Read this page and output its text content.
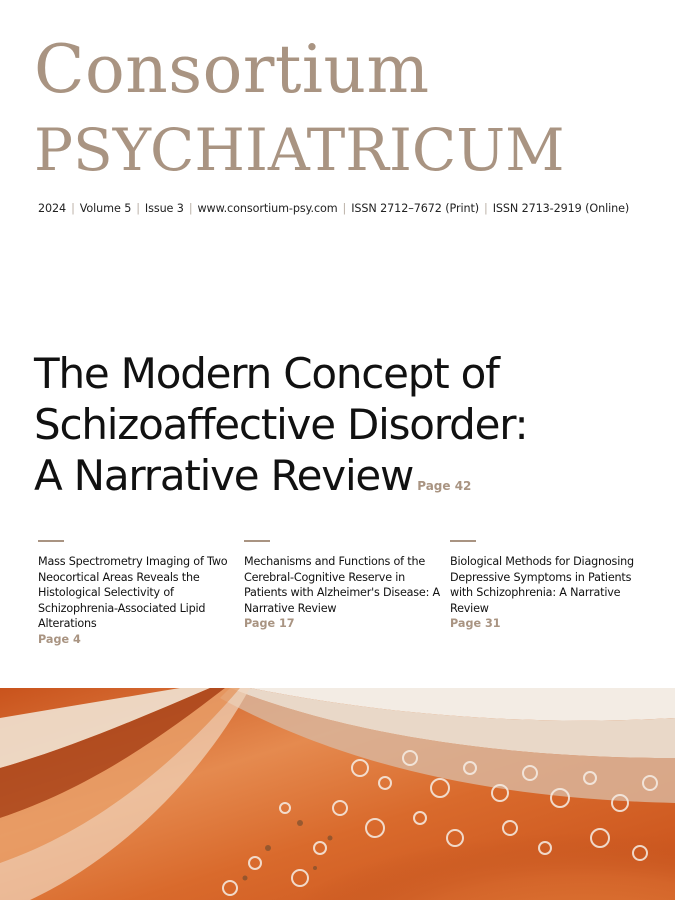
Consortium
PSYCHIATRICUM
2024 | Volume 5 | Issue 3 | www.consortium-psy.com | ISSN 2712–7672 (Print) | ISSN 2713-2919 (Online)
The Modern Concept of
Schizoaffective Disorder:
A Narrative Review Page 42
Mass Spectrometry Imaging of Two Neocortical Areas Reveals the Histological Selectivity of Schizophrenia-Associated Lipid Alterations
Page 4
Mechanisms and Functions of the Cerebral-Cognitive Reserve in Patients with Alzheimer's Disease: A Narrative Review
Page 17
Biological Methods for Diagnosing Depressive Symptoms in Patients with Schizophrenia: A Narrative Review
Page 31
